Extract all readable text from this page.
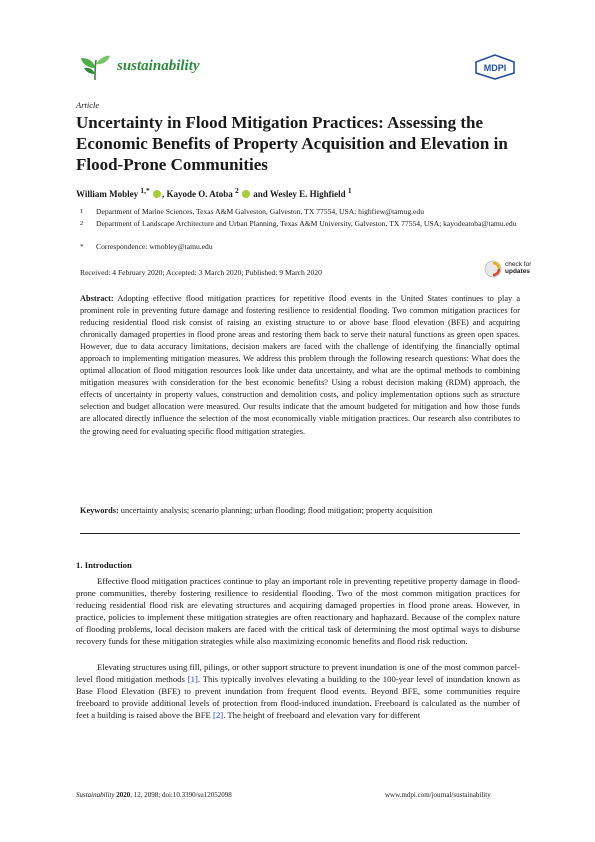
sustainability	MDPI
Article
Uncertainty in Flood Mitigation Practices: Assessing the Economic Benefits of Property Acquisition and Elevation in Flood-Prone Communities
William Mobley $^{1,*}$ , Kayode O. Atoba $^2$  and Wesley E. Highfield $^1$
1 Department of Marine Sciences, Texas A&M Galveston, Galveston, TX 77554, USA; highfiew@tamug.edu
2 Department of Landscape Architecture and Urban Planning, Texas A&M University, Galveston, TX 77554, USA; kayodeatoba@tamu.edu
* Correspondence: wmobley@tamu.edu
Received: 4 February 2020; Accepted: 3 March 2020; Published: 9 March 2020
check for
updates

Abstract: Adopting effective flood mitigation practices for repetitive flood events in the United States continues to play a prominent role in preventing future damage and fostering resilience to residential flooding. Two common mitigation practices for reducing residential flood risk consist of raising an existing structure to or above base flood elevation (BFE) and acquiring chronically damaged properties in flood prone areas and restoring them back to serve their natural functions as green open spaces. However, due to data accuracy limitations, decision makers are faced with the challenge of identifying the financially optimal approach to implementing mitigation measures. We address this problem through the following research questions: What does the optimal allocation of flood mitigation resources look like under data uncertainty, and what are the optimal methods to combining mitigation measures with consideration for the best economic benefits? Using a robust decision making (RDM) approach, the effects of uncertainty in property values, construction and demolition costs, and policy implementation options such as structure selection and budget allocation were measured. Our results indicate that the amount budgeted for mitigation and how those funds are allocated directly influence the selection of the most economically viable mitigation practices. Our research also contributes to the growing need for evaluating specific flood mitigation strategies.

Keywords: uncertainty analysis; scenario planning; urban flooding; flood mitigation; property acquisition

1. Introduction

Effective flood mitigation practices continue to play an important role in preventing repetitive property damage in flood-prone communities, thereby fostering resilience to residential flooding. Two of the most common mitigation practices for reducing residential flood risk are elevating structures and acquiring damaged properties in flood prone areas. However, in practice, policies to implement these mitigation strategies are often reactionary and haphazard. Because of the complex nature of flooding problems, local decision makers are faced with the critical task of determining the most optimal ways to disburse recovery funds for these mitigation strategies while also maximizing economic benefits and flood risk reduction.

Elevating structures using fill, pilings, or other support structure to prevent inundation is one of the most common parcel-level flood mitigation methods [1]. This typically involves elevating a building to the 100-year level of inundation known as Base Flood Elevation (BFE) to prevent inundation from frequent flood events. Beyond BFE, some communities require freeboard to provide additional levels of protection from flood-induced inundation. Freeboard is calculated as the number of feet a building is raised above the BFE [2]. The height of freeboard and elevation vary for different

Sustainability 2020, 12, 2098; doi:10.3390/su12052098	www.mdpi.com/journal/sustainability
